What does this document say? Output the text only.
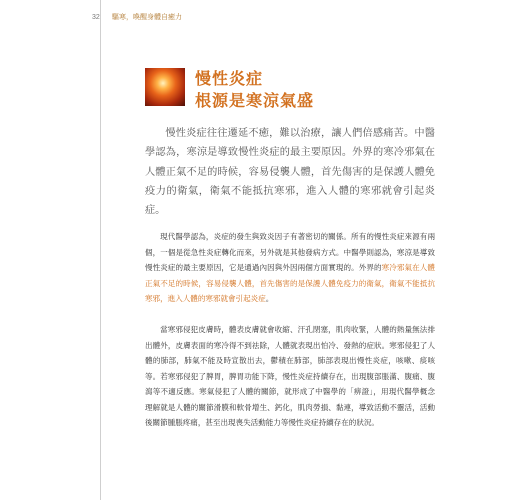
32 驅寒，喚醒身體自癒力
慢性炎症
根源是寒涼氣盛

慢性炎症往往遷延不癒，難以治療，讓人們倍感痛苦。中醫學認為，寒涼是導致慢性炎症的最主要原因。外界的寒冷邪氣在人體正氣不足的時候，容易侵襲人體，首先傷害的是保護人體免疫力的衛氣，衛氣不能抵抗寒邪，進入人體的寒邪就會引起炎症。

現代醫學認為，炎症的發生與致炎因子有著密切的關係。所有的慢性炎症來源有兩個，一個是從急性炎症轉化而來，另外就是其他發病方式。中醫學則認為，寒涼是導致慢性炎症的最主要原因，它是通過內因與外因兩個方面實現的。外界的寒冷邪氣在人體正氣不足的時候，容易侵襲人體，首先傷害的是保護人體免疫力的衛氣，衛氣不能抵抗寒邪，進入人體的寒邪就會引起炎症。

當寒邪侵犯皮膚時，體表皮膚就會收縮、汗孔閉塞，肌肉收緊，人體的熱量無法排出體外，皮膚表面的寒冷得不到祛除，人體就表現出怕冷、發熱的症狀。寒邪侵犯了人體的肺部，肺氣不能及時宣散出去，鬱積在肺部，肺部表現出慢性炎症，咳嗽、痰咳等。若寒邪侵犯了脾胃，脾胃功能下降，慢性炎症持續存在，出現腹部脹滿、腹痛、腹瀉等不適反應。寒氣侵犯了人體的關節，就形成了中醫學的「痹證」，用現代醫學概念理解就是人體的關節滑膜和軟骨增生、鈣化，肌肉勞損、黏連，導致活動不靈活，活動後關節腫脹疼痛，甚至出現喪失活動能力等慢性炎症持續存在的狀況。
